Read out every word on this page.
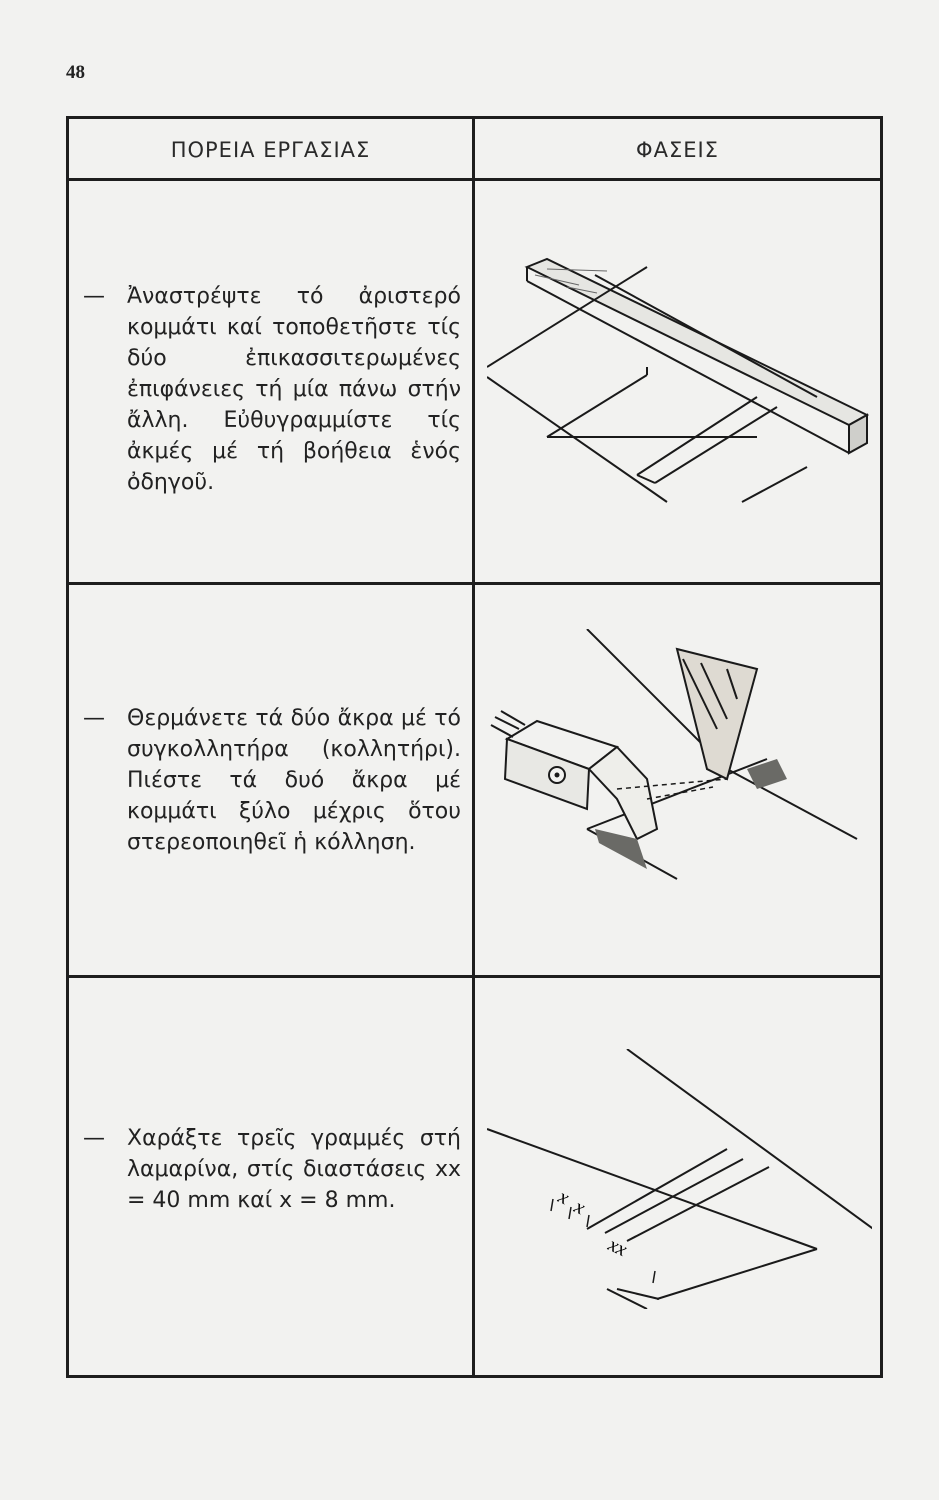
48
ΠΟΡΕΙΑ ΕΡΓΑΣΙΑΣ	ΦΑΣΕΙΣ
— Ἀναστρέψτε τό ἀριστερό κομμάτι καί τοποθετῆστε τίς δύο ἐπικασσιτερωμένες ἐπιφάνειες τή μία πάνω στήν ἄλλη. Εὐθυγραμμίστε τίς ἀκμές μέ τή βοήθεια ἑνός ὀδηγοῦ.
— Θερμάνετε τά δύο ἄκρα μέ τό συγκολλητήρα (κολλητήρι). Πιέστε τά δυό ἄκρα μέ κομμάτι ξύλο μέχρις ὅτου στερεοποιηθεῖ ἡ κόλληση.
— Χαράξτε τρεῖς γραμμές στή λαμαρίνα, στίς διαστάσεις xx = 40 mm καί x = 8 mm.	x
x
xx
